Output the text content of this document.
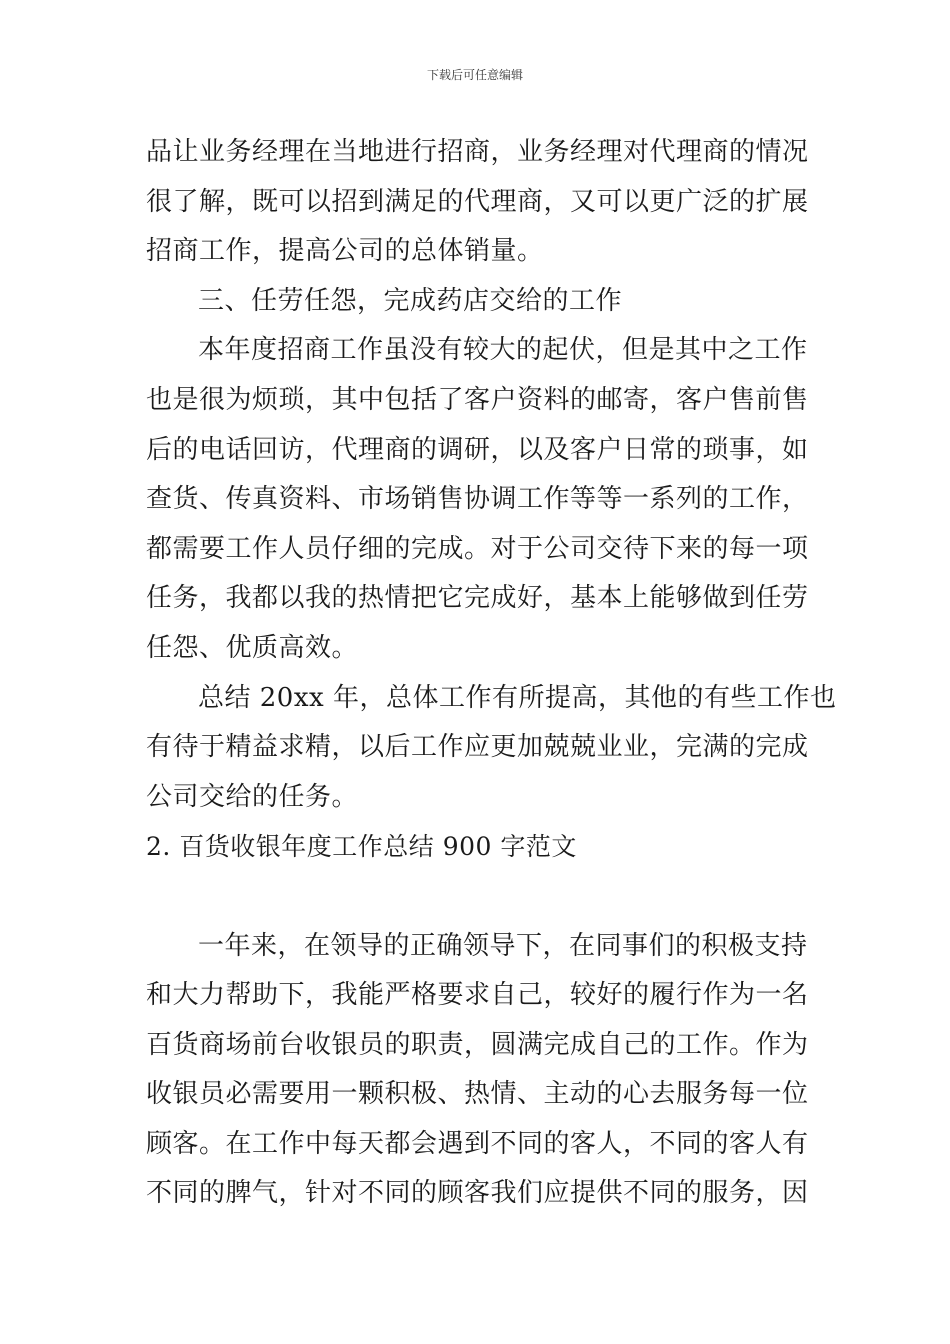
下载后可任意编辑
品让业务经理在当地进行招商，业务经理对代理商的情况
很了解，既可以招到满足的代理商，又可以更广泛的扩展
招商工作，提高公司的总体销量。
三、任劳任怨，完成药店交给的工作
本年度招商工作虽没有较大的起伏，但是其中之工作
也是很为烦琐，其中包括了客户资料的邮寄，客户售前售
后的电话回访，代理商的调研，以及客户日常的琐事，如
查货、传真资料、市场销售协调工作等等一系列的工作，
都需要工作人员仔细的完成。对于公司交待下来的每一项
任务，我都以我的热情把它完成好，基本上能够做到任劳
任怨、优质高效。
总结 20xx 年，总体工作有所提高，其他的有些工作也
有待于精益求精，以后工作应更加兢兢业业，完满的完成
公司交给的任务。
2. 百货收银年度工作总结 900 字范文
一年来，在领导的正确领导下，在同事们的积极支持
和大力帮助下，我能严格要求自己，较好的履行作为一名
百货商场前台收银员的职责，圆满完成自己的工作。作为
收银员必需要用一颗积极、热情、主动的心去服务每一位
顾客。在工作中每天都会遇到不同的客人，不同的客人有
不同的脾气，针对不同的顾客我们应提供不同的服务，因
